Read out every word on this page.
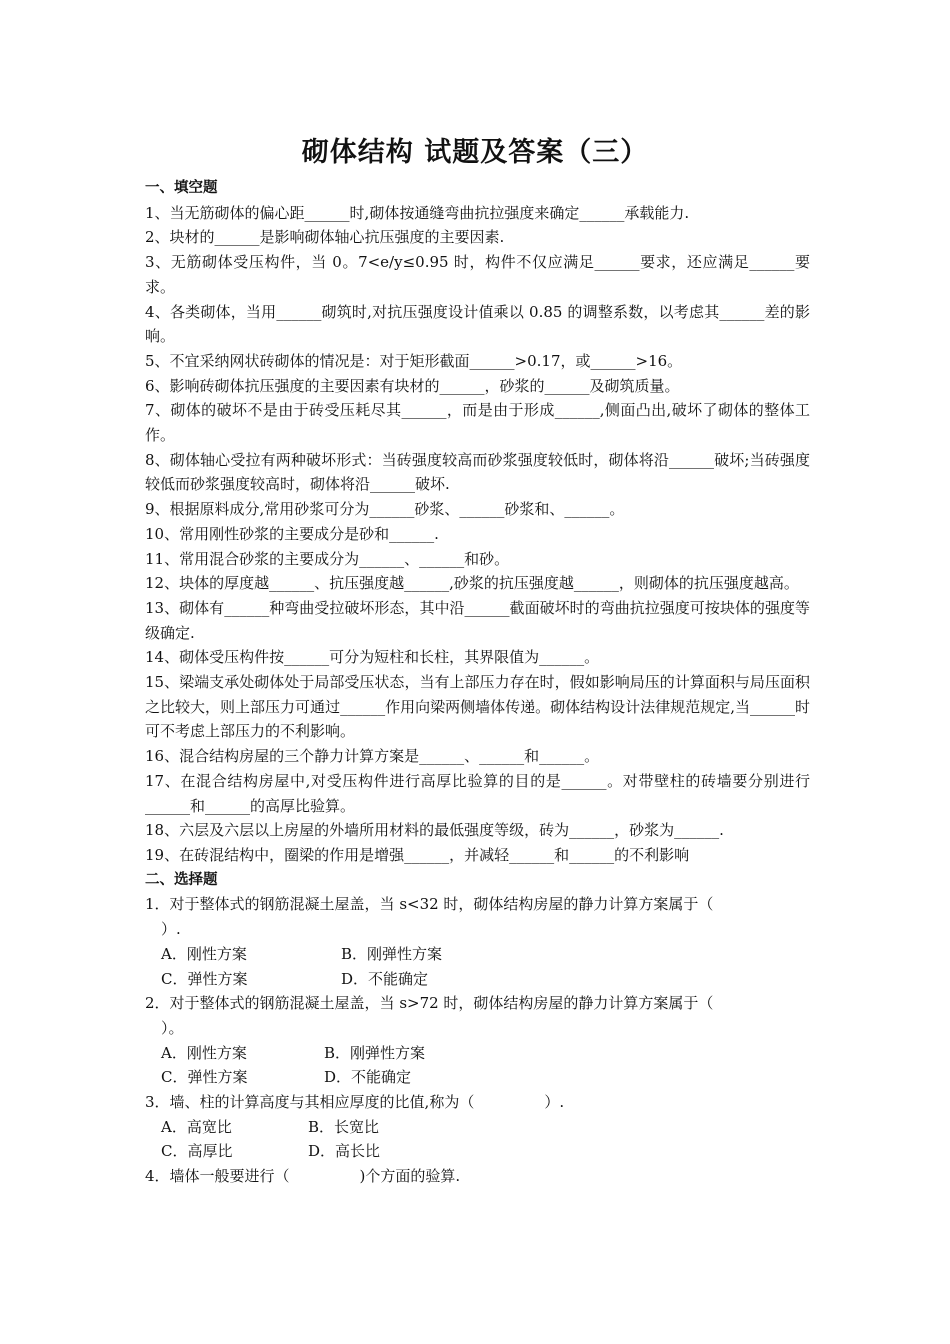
砌体结构 试题及答案（三）

一、填空题

1、当无筋砌体的偏心距______时,砌体按通缝弯曲抗拉强度来确定______承载能力.

2、块材的______是影响砌体轴心抗压强度的主要因素.

3、无筋砌体受压构件，当 0。7<e/y≤0.95 时，构件不仅应满足______要求，还应满足______要求。

4、各类砌体，当用______砌筑时,对抗压强度设计值乘以 0.85 的调整系数，以考虑其______差的影响。

5、不宜采纳网状砖砌体的情况是：对于矩形截面______>0.17，或______>16。

6、影响砖砌体抗压强度的主要因素有块材的______，砂浆的______及砌筑质量。

7、砌体的破坏不是由于砖受压耗尽其______，而是由于形成______,侧面凸出,破坏了砌体的整体工作。

8、砌体轴心受拉有两种破坏形式：当砖强度较高而砂浆强度较低时，砌体将沿______破坏;当砖强度较低而砂浆强度较高时，砌体将沿______破坏.

9、根据原料成分,常用砂浆可分为______砂浆、______砂浆和、______。

10、常用刚性砂浆的主要成分是砂和______.

11、常用混合砂浆的主要成分为______、______和砂。

12、块体的厚度越______、抗压强度越______,砂浆的抗压强度越______，则砌体的抗压强度越高。

13、砌体有______种弯曲受拉破坏形态，其中沿______截面破坏时的弯曲抗拉强度可按块体的强度等级确定.

14、砌体受压构件按______可分为短柱和长柱，其界限值为______。

15、梁端支承处砌体处于局部受压状态，当有上部压力存在时，假如影响局压的计算面积与局压面积之比较大，则上部压力可通过______作用向梁两侧墙体传递。砌体结构设计法律规范规定,当______时可不考虑上部压力的不利影响。

16、混合结构房屋的三个静力计算方案是______、______和______。

17、在混合结构房屋中,对受压构件进行高厚比验算的目的是______。对带壁柱的砖墙要分别进行______和______的高厚比验算。

18、六层及六层以上房屋的外墙所用材料的最低强度等级，砖为______，砂浆为______.

19、在砖混结构中，圈梁的作用是增强______，并减轻______和______的不利影响

二、选择题

1．对于整体式的钢筋混凝土屋盖，当 s<32 时，砌体结构房屋的静力计算方案属于（

）.

A．刚性方案	B．刚弹性方案

C．弹性方案	D．不能确定

2．对于整体式的钢筋混凝土屋盖，当 s>72 时，砌体结构房屋的静力计算方案属于（

）。

A．刚性方案	B．刚弹性方案

C．弹性方案	D．不能确定

3．墙、柱的计算高度与其相应厚度的比值,称为（	）.

A．高宽比	B．长宽比

C．高厚比	D．高长比

4．墙体一般要进行（	)个方面的验算.
